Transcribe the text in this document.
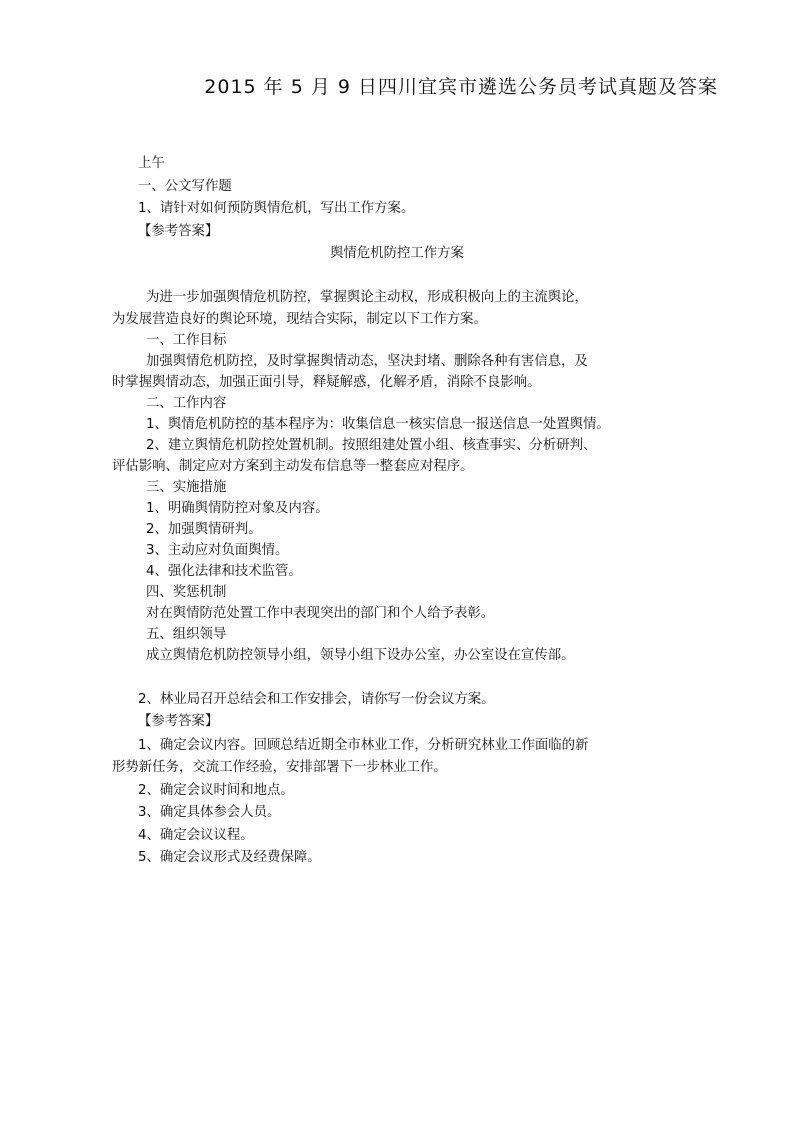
2015 年 5 月 9 日四川宜宾市遴选公务员考试真题及答案
上午
一、公文写作题
1、请针对如何预防舆情危机，写出工作方案。
【参考答案】
舆情危机防控工作方案
为进一步加强舆情危机防控，掌握舆论主动权，形成积极向上的主流舆论，
为发展营造良好的舆论环境，现结合实际，制定以下工作方案。
一、工作目标
加强舆情危机防控，及时掌握舆情动态，坚决封堵、删除各种有害信息，及
时掌握舆情动态，加强正面引导，释疑解惑，化解矛盾，消除不良影响。
二、工作内容
1、舆情危机防控的基本程序为：收集信息一核实信息一报送信息一处置舆情。
2、建立舆情危机防控处置机制。按照组建处置小组、核查事实、分析研判、
评估影响、制定应对方案到主动发布信息等一整套应对程序。
三、实施措施
1、明确舆情防控对象及内容。
2、加强舆情研判。
3、主动应对负面舆情。
4、强化法律和技术监管。
四、奖惩机制
对在舆情防范处置工作中表现突出的部门和个人给予表彰。
五、组织领导
成立舆情危机防控领导小组，领导小组下设办公室，办公室设在宣传部。
2、林业局召开总结会和工作安排会，请你写一份会议方案。
【参考答案】
1、确定会议内容。回顾总结近期全市林业工作，分析研究林业工作面临的新
形势新任务，交流工作经验，安排部署下一步林业工作。
2、确定会议时间和地点。
3、确定具体参会人员。
4、确定会议议程。
5、确定会议形式及经费保障。
